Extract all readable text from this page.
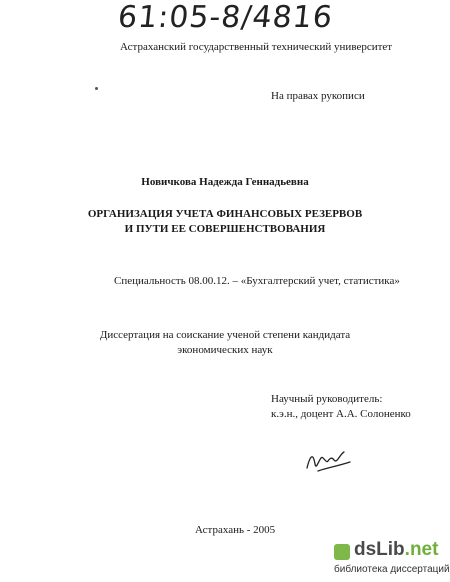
61:05-8/4816
Астраханский государственный технический университет
На правах рукописи
Новичкова Надежда Геннадьевна
ОРГАНИЗАЦИЯ УЧЕТА ФИНАНСОВЫХ РЕЗЕРВОВ
И ПУТИ ЕЕ СОВЕРШЕНСТВОВАНИЯ
Специальность 08.00.12. – «Бухгалтерский учет, статистика»
Диссертация на соискание ученой степени кандидата
экономических наук
Научный руководитель:
к.э.н., доцент А.А. Солоненко
Астрахань - 2005
dsLib.net
библиотека диссертаций
